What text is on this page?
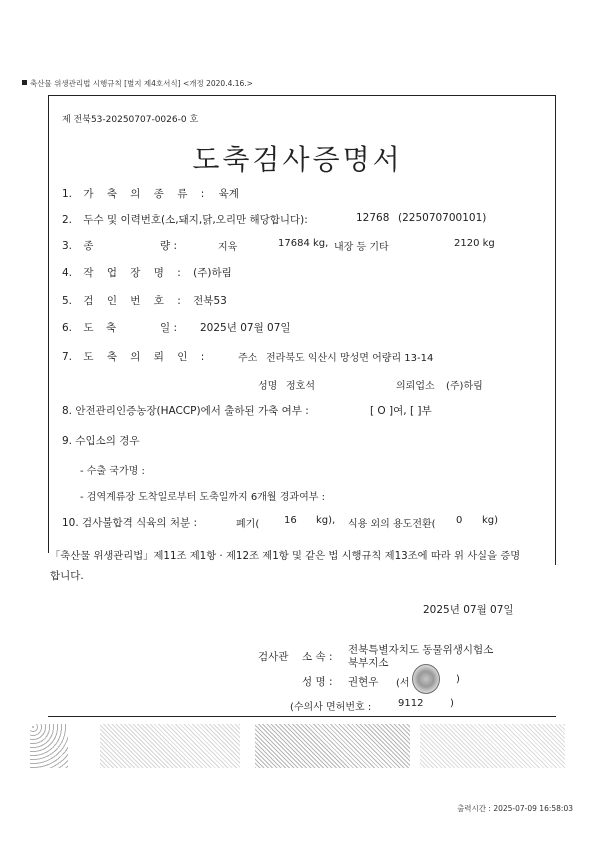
축산물 위생관리법 시행규칙 [별지 제4호서식] <개정 2020.4.16.>
제 전북53-20250707-0026-0 호
도축검사증명서
1. 가 축 의 종 류 : 육계
2. 두수 및 이력번호(소,돼지,닭,오리만 해당합니다):	12768 (225070700101)
3. 종	량 :	지육	17684 kg, 내장 등 기타	2120 kg
4. 작 업 장 명 : (주)하림
5. 검 인 번 호 : 전북53
6. 도 축	일 : 2025년 07월 07일
7. 도 축 의 뢰 인 :	주소 전라북도 익산시 망성면 어량리 13-14
성명 정호석	의뢰업소 (주)하림
8. 안전관리인증농장(HACCP)에서 출하된 가축 여부 :	[ O ]여, [ ]부
9. 수입소의 경우
- 수출 국가명 :
- 검역계류장 도착일로부터 도축일까지 6개월 경과여부 :
10. 검사불합격 식육의 처분 :	폐기( 16 kg), 식용 외의 용도전환( 0 kg)
「축산물 위생관리법」제11조 제1항 · 제12조 제1항 및 같은 법 시행규칙 제13조에 따라 위 사실을 증명
합니다.
2025년 07월 07일
검사관 소 속 :
전북특별자치도 동물위생시험소
북부지소
성 명 : 권현우 (서	)
(수의사 면허번호 :	9112	)
출력시간 : 2025-07-09 16:58:03
